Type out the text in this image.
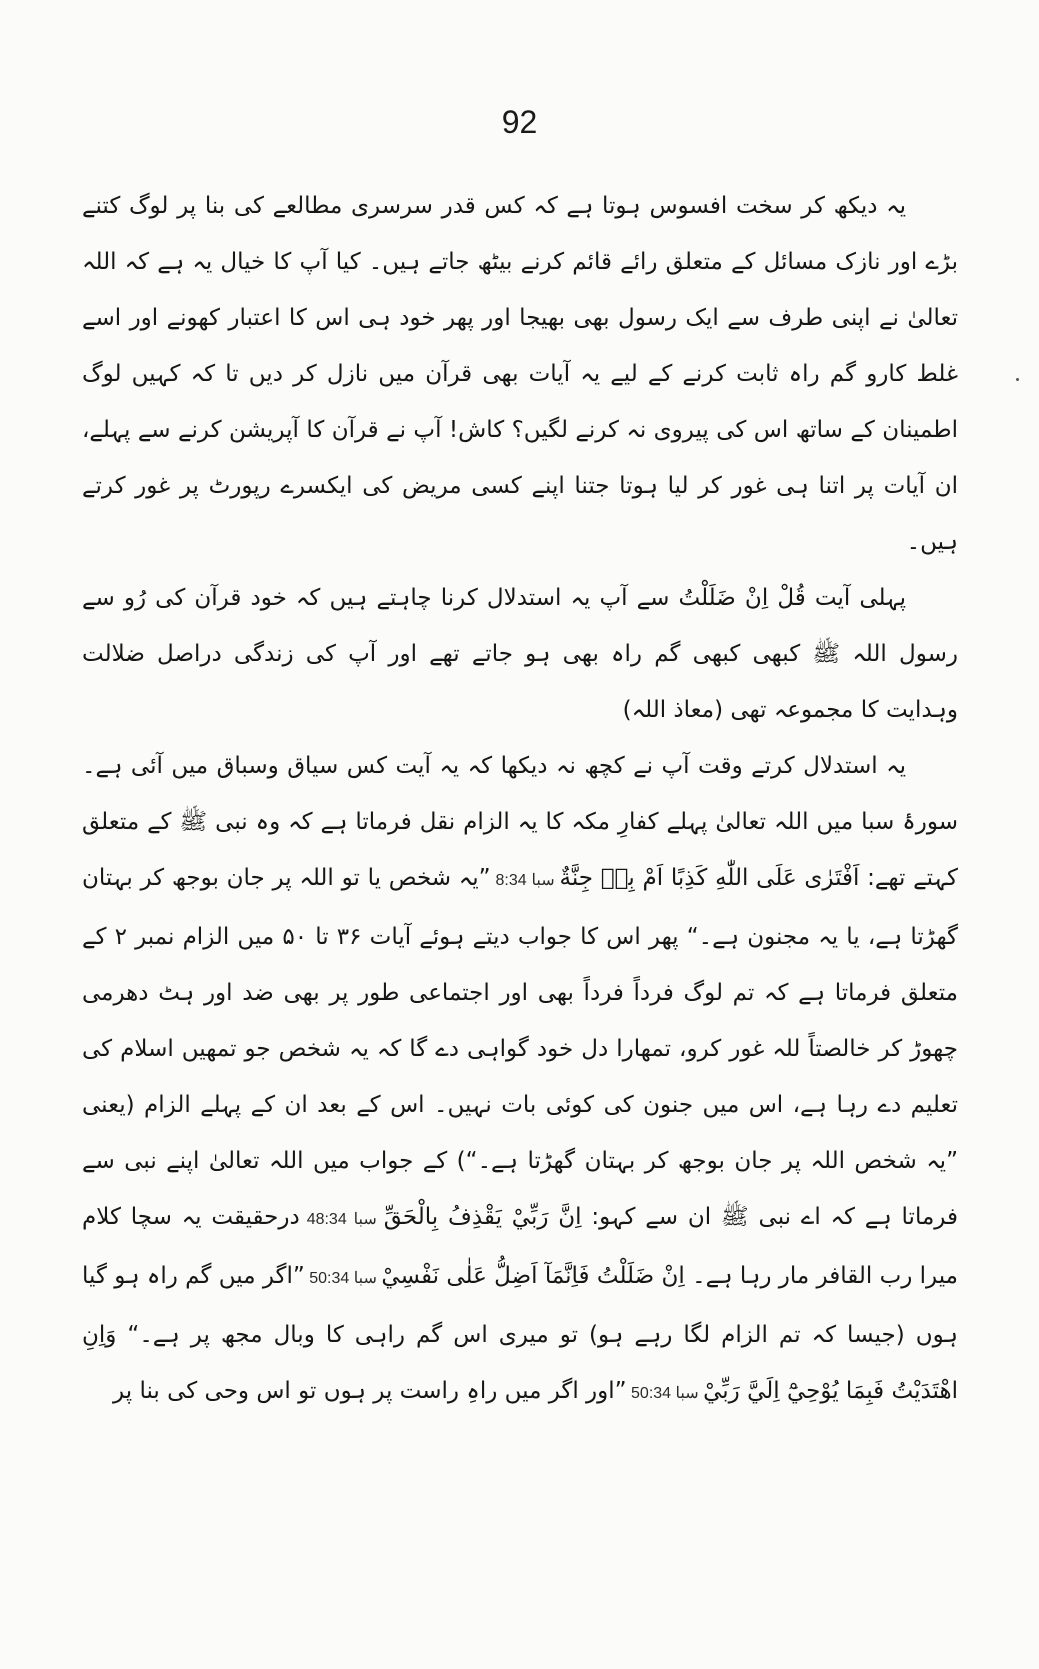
92

یہ دیکھ کر سخت افسوس ہوتا ہے کہ کس قدر سرسری مطالعے کی بنا پر لوگ کتنے بڑے اور نازک مسائل کے متعلق رائے قائم کرنے بیٹھ جاتے ہیں۔ کیا آپ کا خیال یہ ہے کہ اللہ تعالیٰ نے اپنی طرف سے ایک رسول بھی بھیجا اور پھر خود ہی اس کا اعتبار کھونے اور اسے غلط کارو گم راہ ثابت کرنے کے لیے یہ آیات بھی قرآن میں نازل کر دیں تا کہ کہیں لوگ اطمینان کے ساتھ اس کی پیروی نہ کرنے لگیں؟ کاش! آپ نے قرآن کا آپریشن کرنے سے پہلے، ان آیات پر اتنا ہی غور کر لیا ہوتا جتنا اپنے کسی مریض کی ایکسرے رپورٹ پر غور کرتے ہیں۔

پہلی آیت قُلْ اِنْ ضَلَلْتُ سے آپ یہ استدلال کرنا چاہتے ہیں کہ خود قرآن کی رُو سے رسول اللہ ﷺ کبھی کبھی گم راہ بھی ہو جاتے تھے اور آپ کی زندگی دراصل ضلالت وہدایت کا مجموعہ تھی (معاذ اللہ)

یہ استدلال کرتے وقت آپ نے کچھ نہ دیکھا کہ یہ آیت کس سیاق وسباق میں آئی ہے۔ سورۂ سبا میں اللہ تعالیٰ پہلے کفارِ مکہ کا یہ الزام نقل فرماتا ہے کہ وہ نبی ﷺ کے متعلق کہتے تھے: اَفْتَرٰى عَلَى اللّٰهِ كَذِبًا اَمْ بِهٖ جِنَّةٌ سبا 8:34 ”یہ شخص یا تو اللہ پر جان بوجھ کر بہتان گھڑتا ہے، یا یہ مجنون ہے۔“ پھر اس کا جواب دیتے ہوئے آیات ۳۶ تا ۵۰ میں الزام نمبر ۲ کے متعلق فرماتا ہے کہ تم لوگ فرداً فرداً بھی اور اجتماعی طور پر بھی ضد اور ہٹ دھرمی چھوڑ کر خالصتاً للہ غور کرو، تمھارا دل خود گواہی دے گا کہ یہ شخص جو تمھیں اسلام کی تعلیم دے رہا ہے، اس میں جنون کی کوئی بات نہیں۔ اس کے بعد ان کے پہلے الزام (یعنی ”یہ شخص اللہ پر جان بوجھ کر بہتان گھڑتا ہے۔“) کے جواب میں اللہ تعالیٰ اپنے نبی سے فرماتا ہے کہ اے نبی ﷺ ان سے کہو: اِنَّ رَبِّيْ يَقْذِفُ بِالْحَقِّ سبا 48:34 درحقیقت یہ سچا کلام میرا رب القافر مار رہا ہے۔ اِنْ ضَلَلْتُ فَاِنَّمَآ اَضِلُّ عَلٰى نَفْسِيْ سبا 50:34 ”اگر میں گم راہ ہو گیا ہوں (جیسا کہ تم الزام لگا رہے ہو) تو میری اس گم راہی کا وبال مجھ پر ہے۔“ وَاِنِ اهْتَدَيْتُ فَبِمَا يُوْحِيْٓ اِلَيَّ رَبِّيْ سبا 50:34 ”اور اگر میں راہِ راست پر ہوں تو اس وحی کی بنا پر
